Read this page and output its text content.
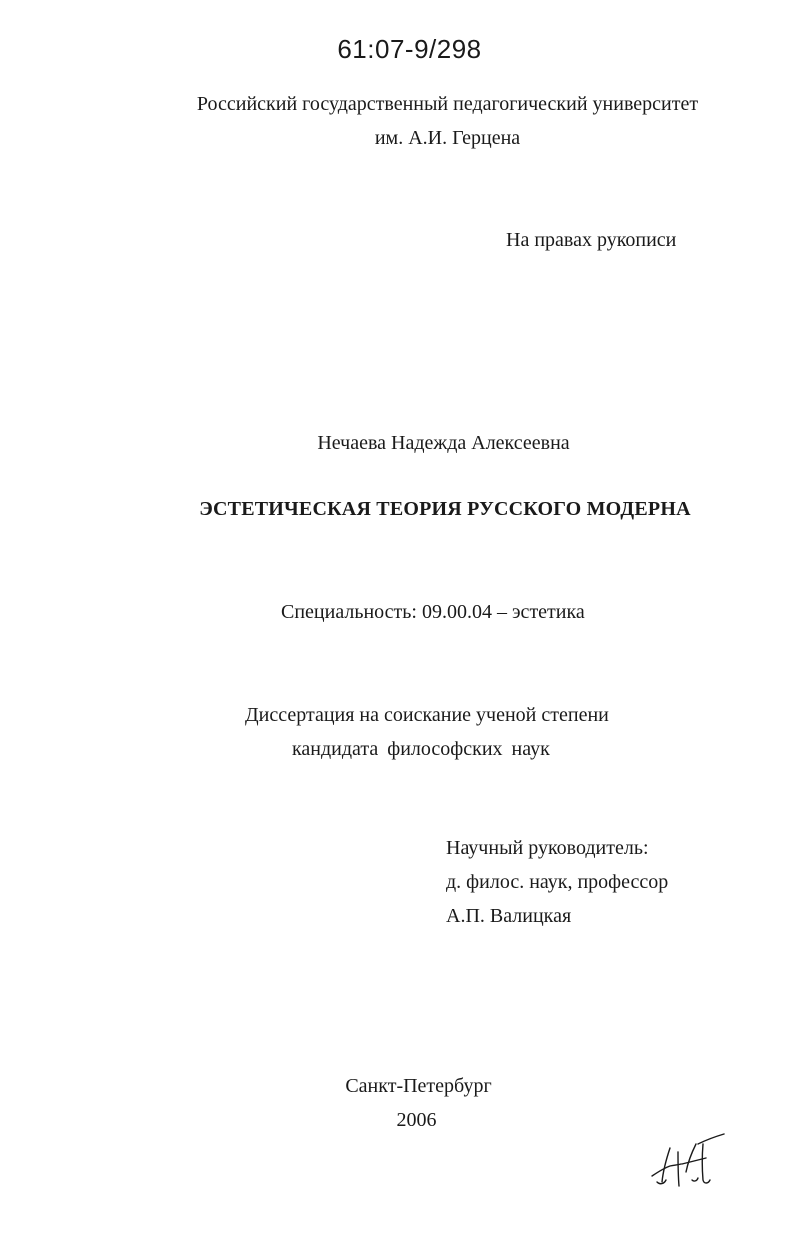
61:07-9/298
Российский государственный педагогический университет
им. А.И. Герцена
На правах рукописи
Нечаева Надежда Алексеевна
ЭСТЕТИЧЕСКАЯ ТЕОРИЯ РУССКОГО МОДЕРНА
Специальность: 09.00.04 – эстетика
Диссертация на соискание ученой степени
кандидата философских наук
Научный руководитель:
д. филос. наук, профессор
А.П. Валицкая
Санкт-Петербург
2006
